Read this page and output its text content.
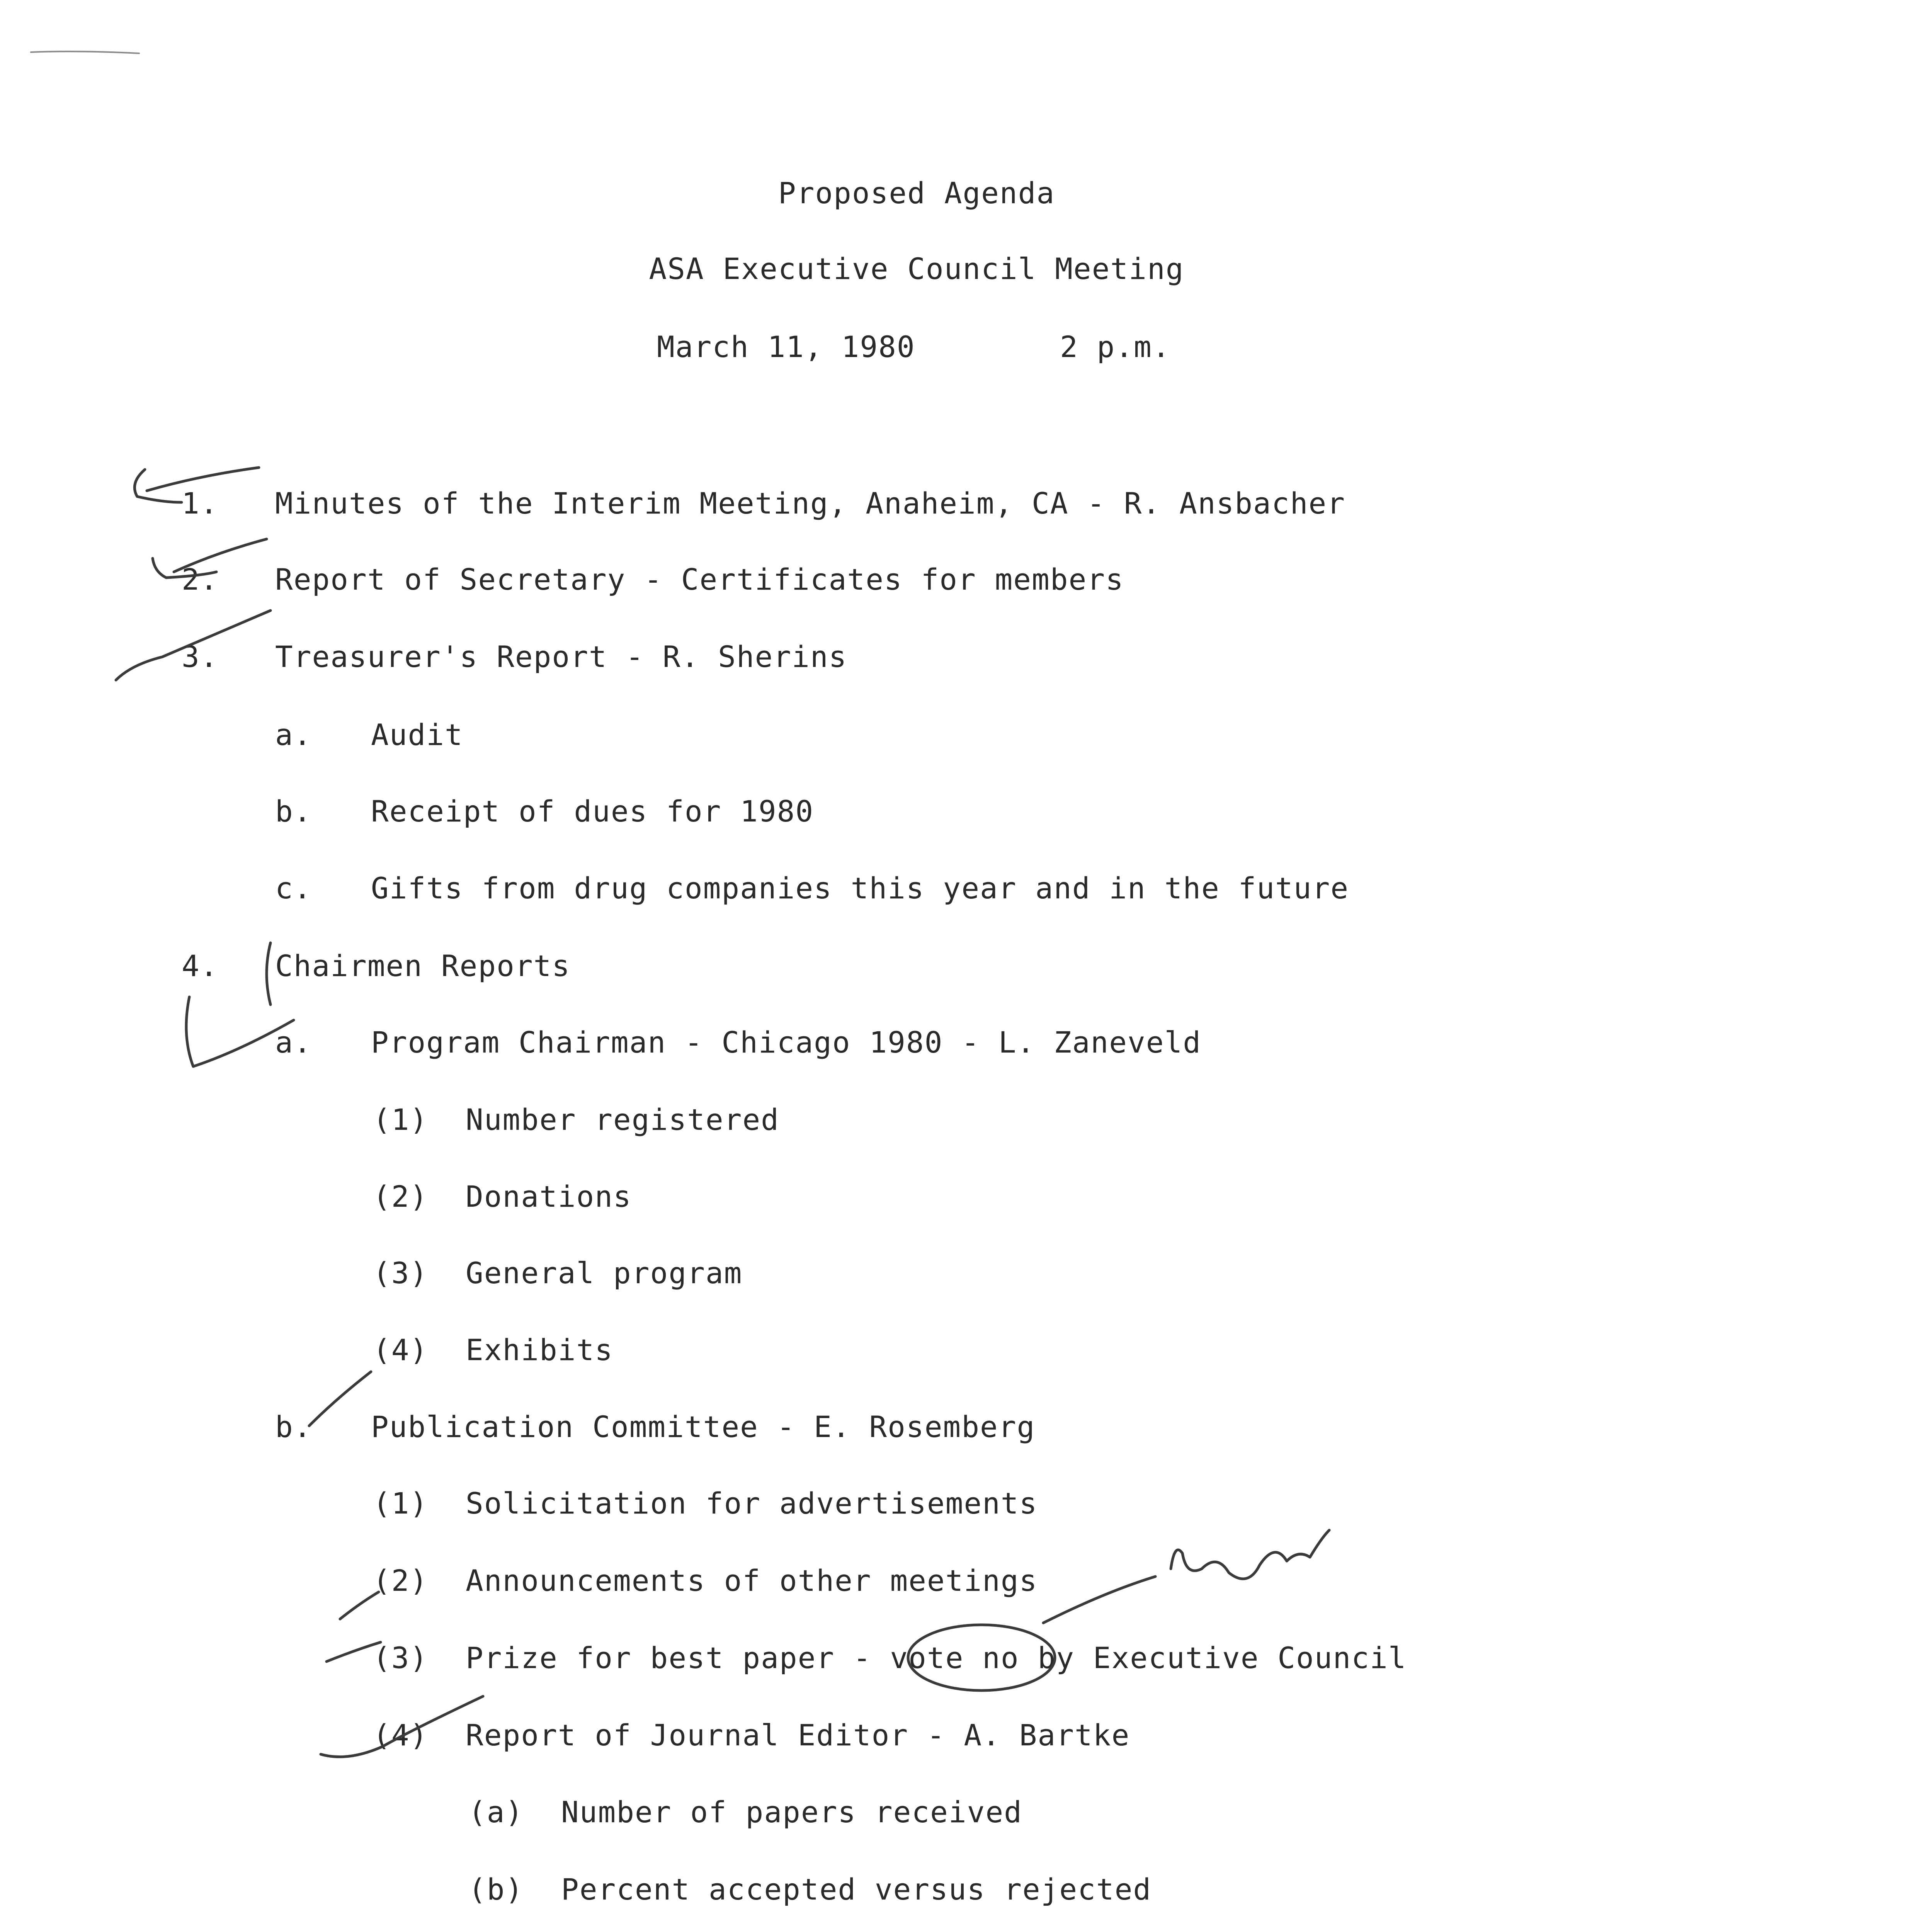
Proposed Agenda
ASA Executive Council Meeting
March 11, 1980	2 p.m.
1. Minutes of the Interim Meeting, Anaheim, CA - R. Ansbacher
2. Report of Secretary - Certificates for members
3. Treasurer's Report - R. Sherins
a. Audit
b. Receipt of dues for 1980
c. Gifts from drug companies this year and in the future
4. Chairmen Reports
a. Program Chairman - Chicago 1980 - L. Zaneveld
(1) Number registered
(2) Donations
(3) General program
(4) Exhibits
b. Publication Committee - E. Rosemberg
(1) Solicitation for advertisements
(2) Announcements of other meetings
(3) Prize for best paper - vote no by Executive Council
(4) Report of Journal Editor - A. Bartke
(a) Number of papers received
(b) Percent accepted versus rejected
